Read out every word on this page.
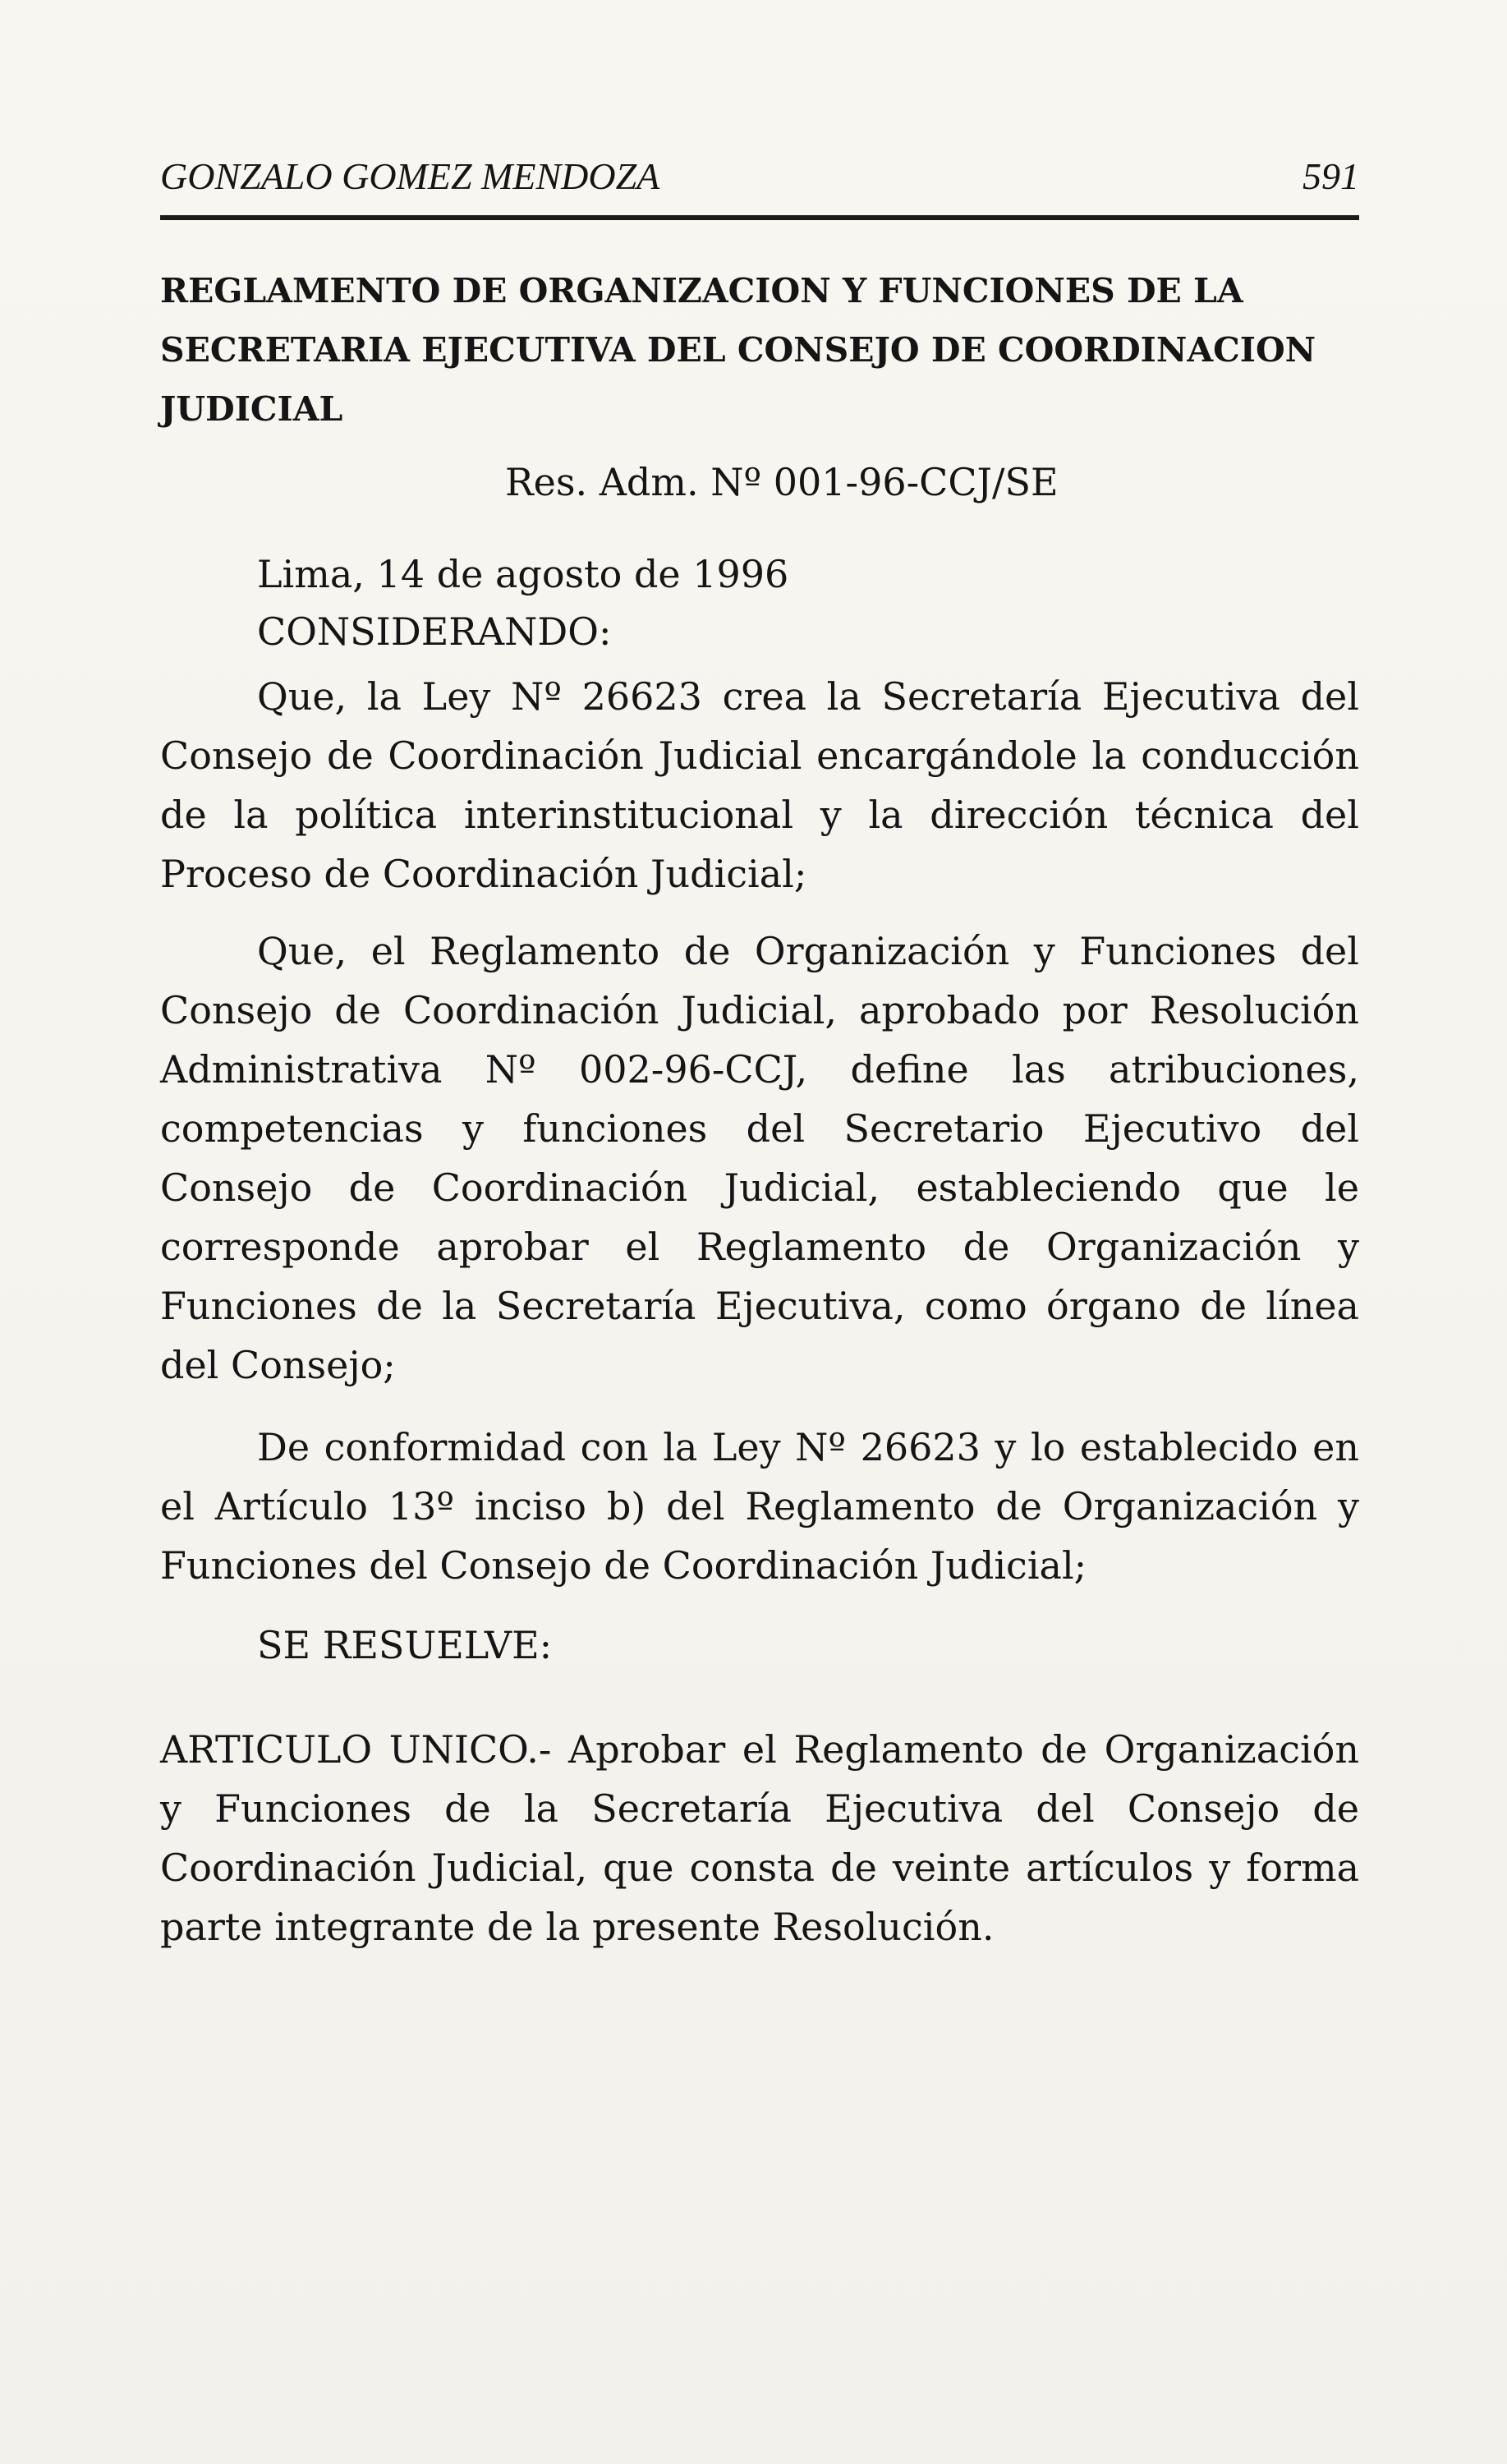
GONZALO GOMEZ MENDOZA	591
REGLAMENTO DE ORGANIZACION Y FUNCIONES DE LA SECRETARIA EJECUTIVA DEL CONSEJO DE COORDINACION JUDICIAL

Res. Adm. Nº 001-96-CCJ/SE

Lima, 14 de agosto de 1996

CONSIDERANDO:

Que, la Ley Nº 26623 crea la Secretaría Ejecutiva del Consejo de Coordinación Judicial encargándole la conducción de la política interinstitucional y la dirección técnica del Proceso de Coordinación Judicial;

Que, el Reglamento de Organización y Funciones del Consejo de Coordinación Judicial, aprobado por Resolución Administrativa Nº 002-96-CCJ, define las atribuciones, competencias y funciones del Secretario Ejecutivo del Consejo de Coordinación Judicial, estableciendo que le corresponde aprobar el Reglamento de Organización y Funciones de la Secretaría Ejecutiva, como órgano de línea del Consejo;

De conformidad con la Ley Nº 26623 y lo establecido en el Artículo 13º inciso b) del Reglamento de Organización y Funciones del Consejo de Coordinación Judicial;

SE RESUELVE:

ARTICULO UNICO.- Aprobar el Reglamento de Organización y Funciones de la Secretaría Ejecutiva del Consejo de Coordinación Judicial, que consta de veinte artículos y forma parte integrante de la presente Resolución.
